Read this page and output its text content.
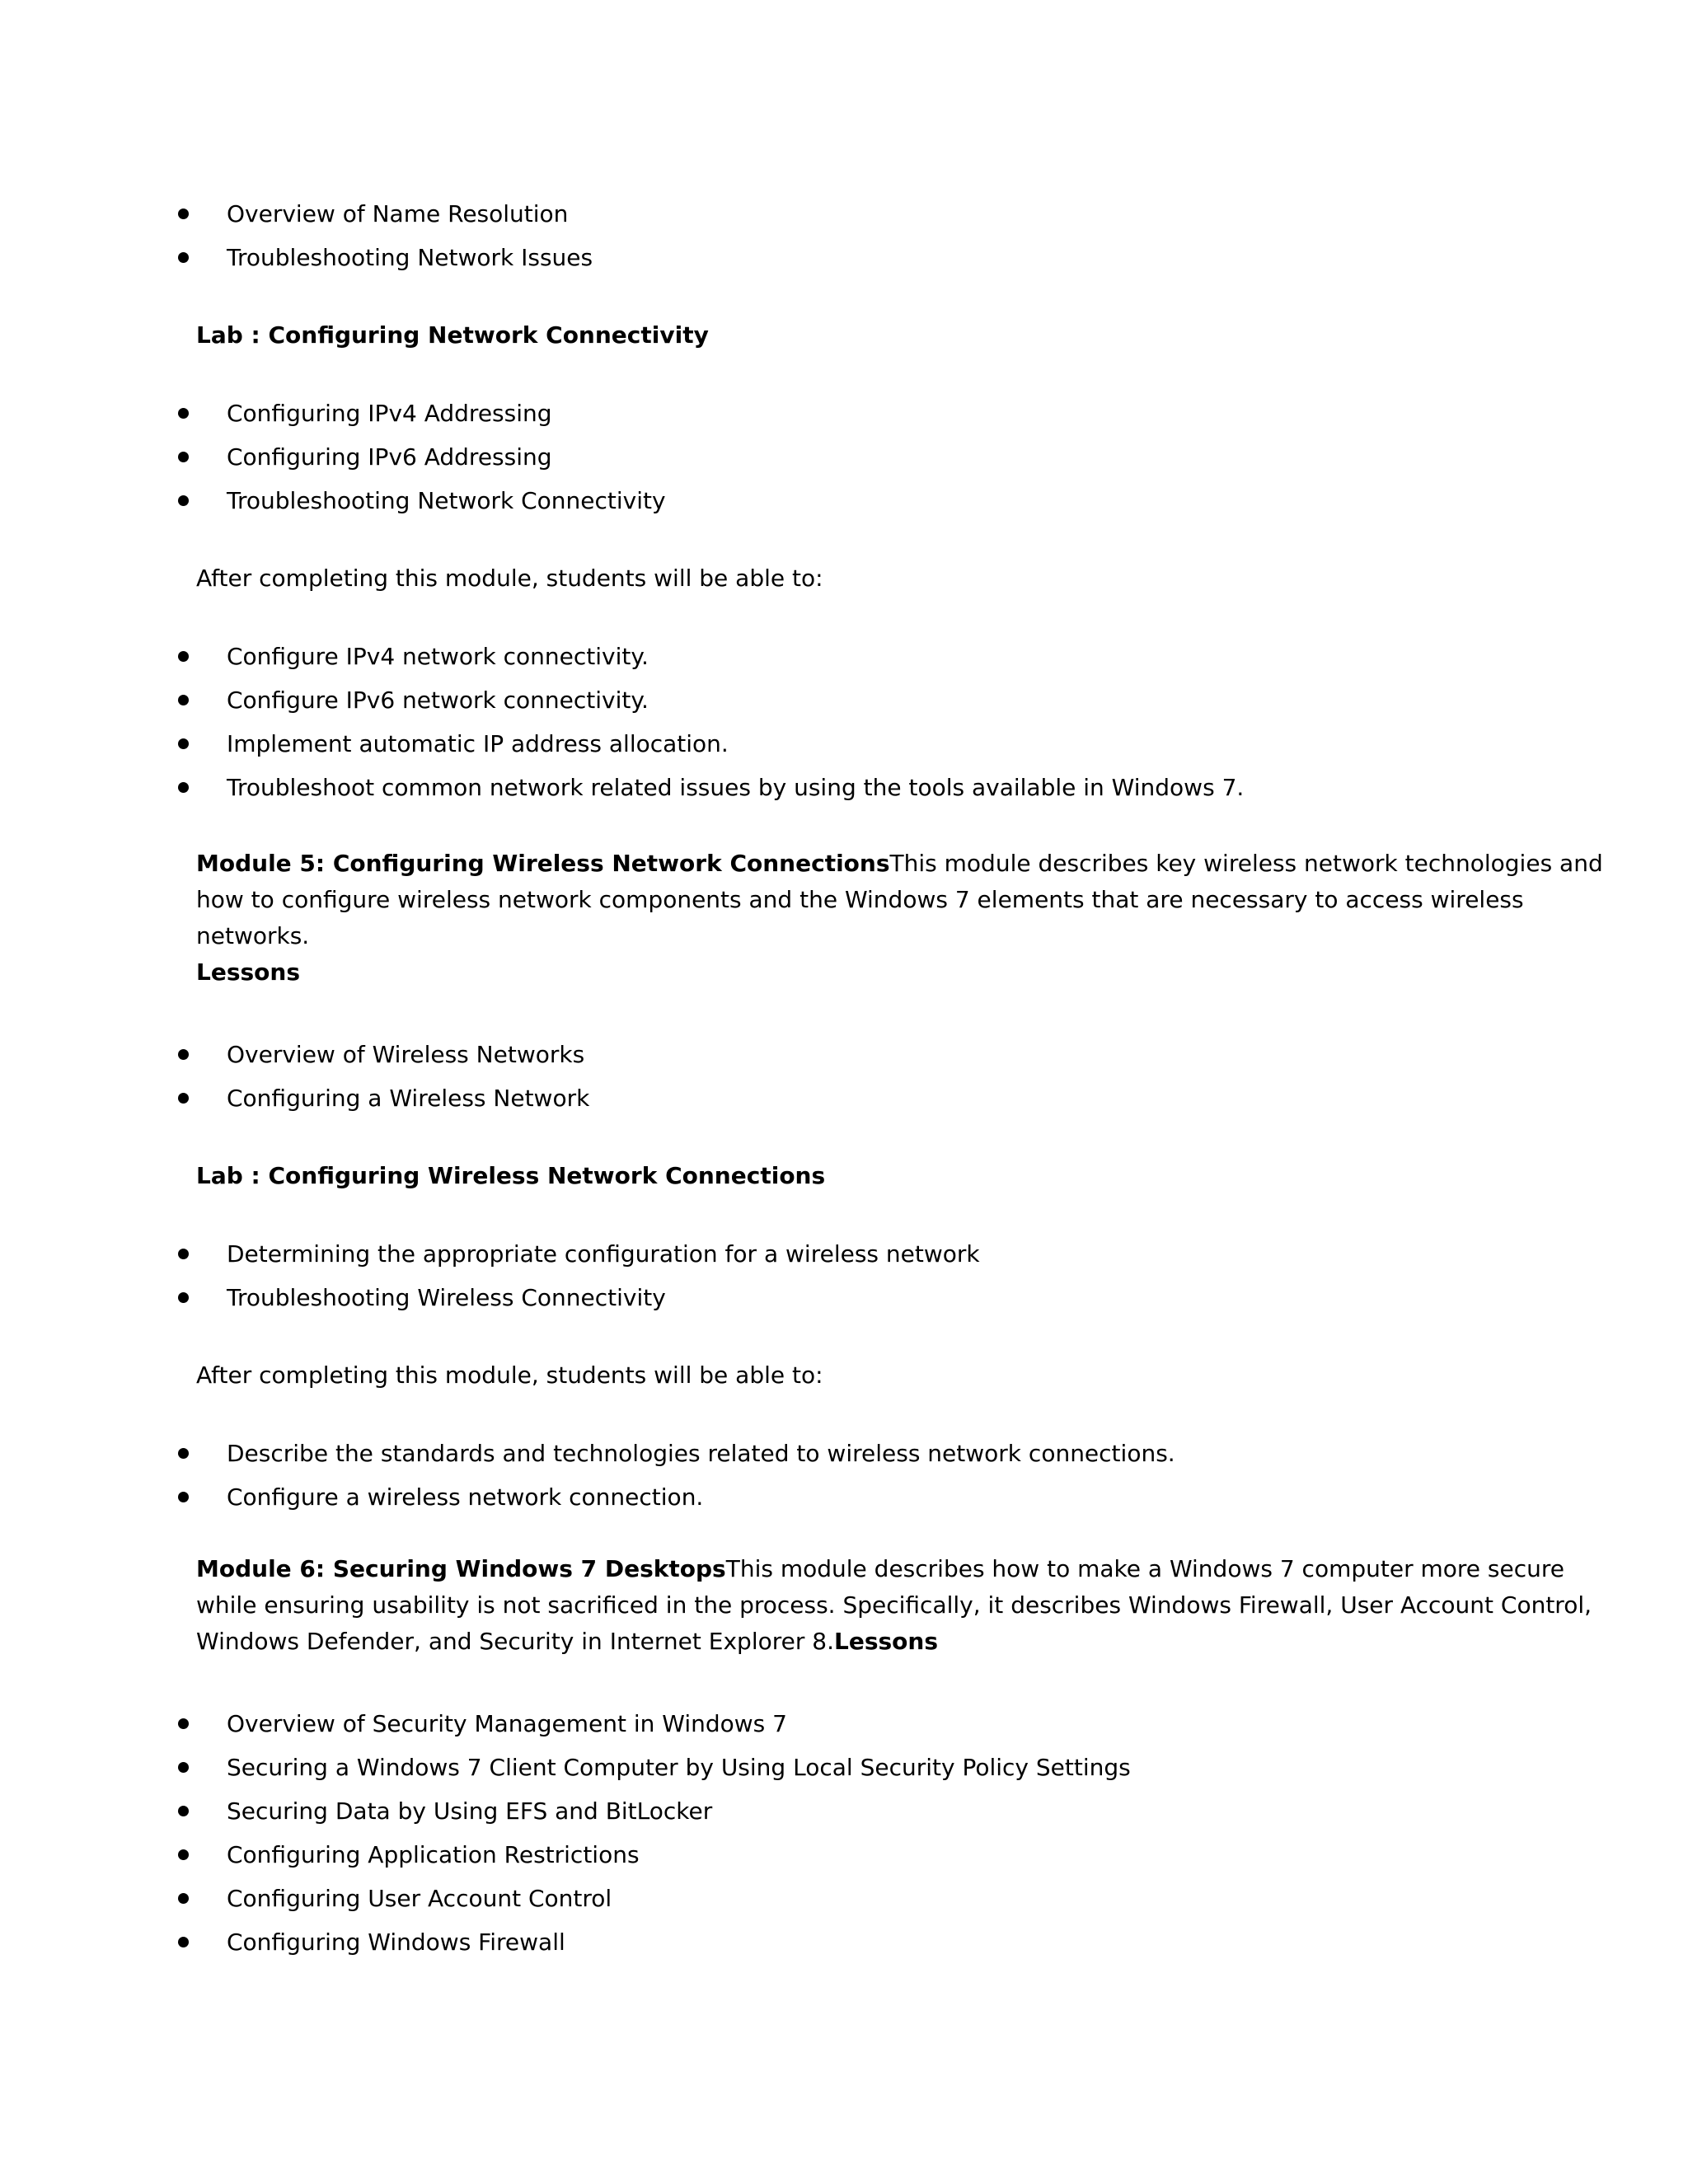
Overview of Name Resolution
Troubleshooting Network Issues
Lab : Configuring Network Connectivity
Configuring IPv4 Addressing
Configuring IPv6 Addressing
Troubleshooting Network Connectivity
After completing this module, students will be able to:
Configure IPv4 network connectivity.
Configure IPv6 network connectivity.
Implement automatic IP address allocation.
Troubleshoot common network related issues by using the tools available in Windows 7.
Module 5: Configuring Wireless Network ConnectionsThis module describes key wireless network technologies and
how to configure wireless network components and the Windows 7 elements that are necessary to access wireless
networks.
Lessons
Overview of Wireless Networks
Configuring a Wireless Network
Lab : Configuring Wireless Network Connections
Determining the appropriate configuration for a wireless network
Troubleshooting Wireless Connectivity
After completing this module, students will be able to:
Describe the standards and technologies related to wireless network connections.
Configure a wireless network connection.
Module 6: Securing Windows 7 DesktopsThis module describes how to make a Windows 7 computer more secure
while ensuring usability is not sacrificed in the process. Specifically, it describes Windows Firewall, User Account Control,
Windows Defender, and Security in Internet Explorer 8.Lessons
Overview of Security Management in Windows 7
Securing a Windows 7 Client Computer by Using Local Security Policy Settings
Securing Data by Using EFS and BitLocker
Configuring Application Restrictions
Configuring User Account Control
Configuring Windows Firewall
